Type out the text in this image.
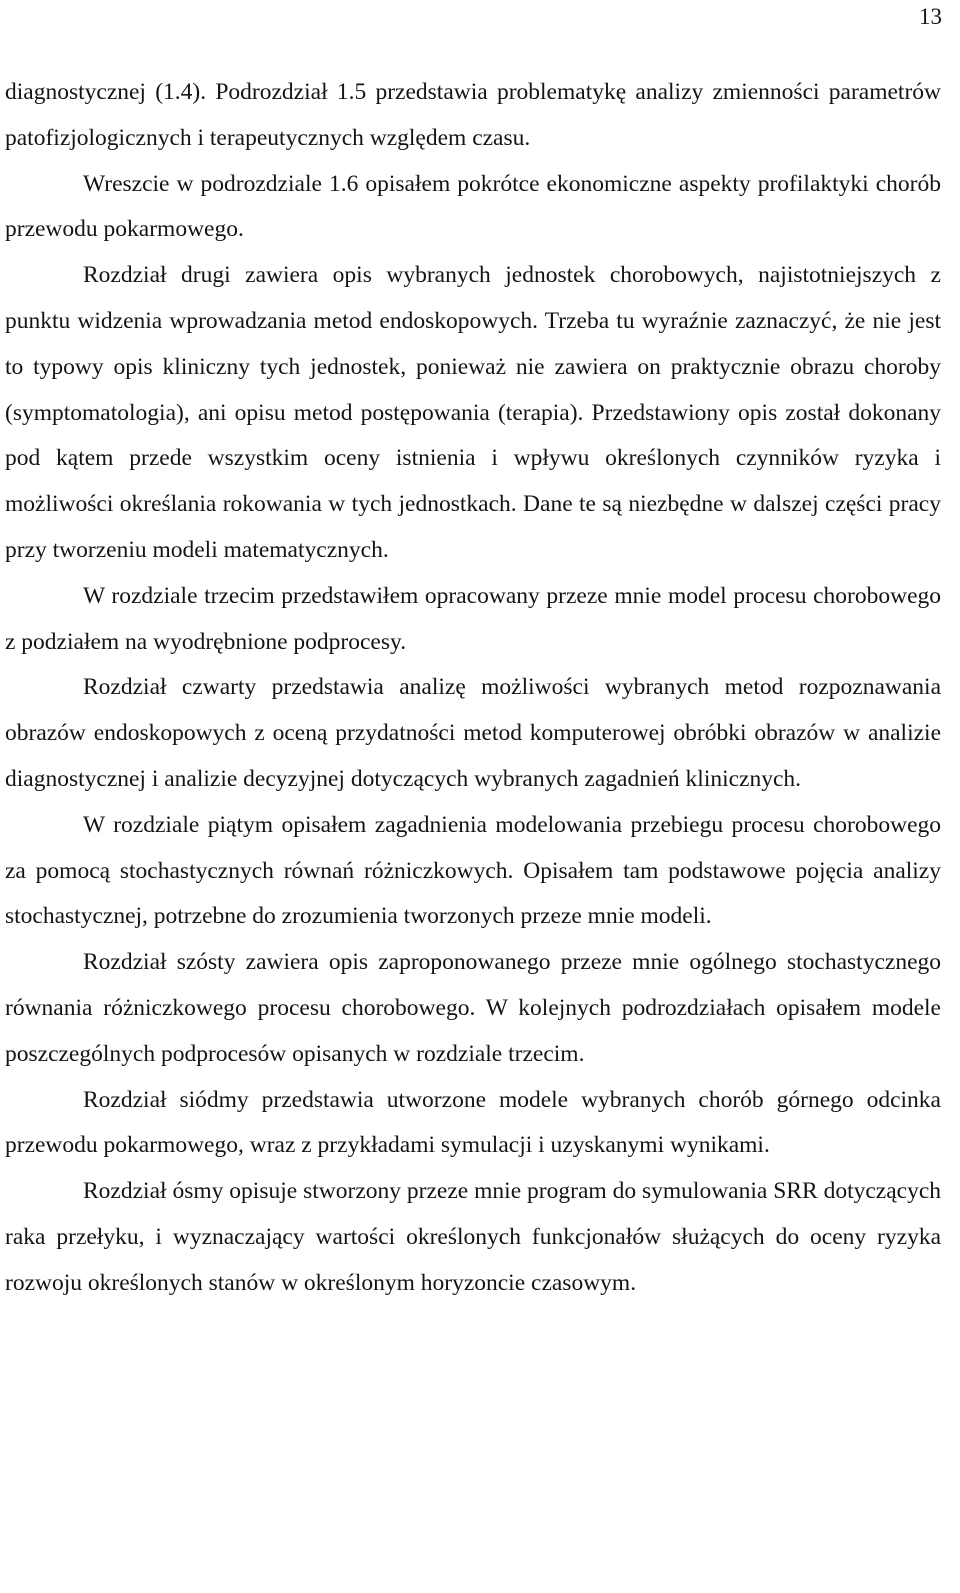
13

diagnostycznej (1.4). Podrozdział 1.5 przedstawia problematykę analizy zmienności parametrów patofizjologicznych i terapeutycznych względem czasu.

Wreszcie w podrozdziale 1.6 opisałem pokrótce ekonomiczne aspekty profilaktyki chorób przewodu pokarmowego.

Rozdział drugi zawiera opis wybranych jednostek chorobowych, najistotniejszych z punktu widzenia wprowadzania metod endoskopowych. Trzeba tu wyraźnie zaznaczyć, że nie jest to typowy opis kliniczny tych jednostek, ponieważ nie zawiera on praktycznie obrazu choroby (symptomatologia), ani opisu metod postępowania (terapia). Przedstawiony opis został dokonany pod kątem przede wszystkim oceny istnienia i wpływu określonych czynników ryzyka i możliwości określania rokowania w tych jednostkach. Dane te są niezbędne w dalszej części pracy przy tworzeniu modeli matematycznych.

W rozdziale trzecim przedstawiłem opracowany przeze mnie model procesu chorobowego z podziałem na wyodrębnione podprocesy.

Rozdział czwarty przedstawia analizę możliwości wybranych metod rozpoznawania obrazów endoskopowych z oceną przydatności metod komputerowej obróbki obrazów w analizie diagnostycznej i analizie decyzyjnej dotyczących wybranych zagadnień klinicznych.

W rozdziale piątym opisałem zagadnienia modelowania przebiegu procesu chorobowego za pomocą stochastycznych równań różniczkowych. Opisałem tam podstawowe pojęcia analizy stochastycznej, potrzebne do zrozumienia tworzonych przeze mnie modeli.

Rozdział szósty zawiera opis zaproponowanego przeze mnie ogólnego stochastycznego równania różniczkowego procesu chorobowego. W kolejnych podrozdziałach opisałem modele poszczególnych podprocesów opisanych w rozdziale trzecim.

Rozdział siódmy przedstawia utworzone modele wybranych chorób górnego odcinka przewodu pokarmowego, wraz z przykładami symulacji i uzyskanymi wynikami.

Rozdział ósmy opisuje stworzony przeze mnie program do symulowania SRR dotyczących raka przełyku, i wyznaczający wartości określonych funkcjonałów służących do oceny ryzyka rozwoju określonych stanów w określonym horyzoncie czasowym.
